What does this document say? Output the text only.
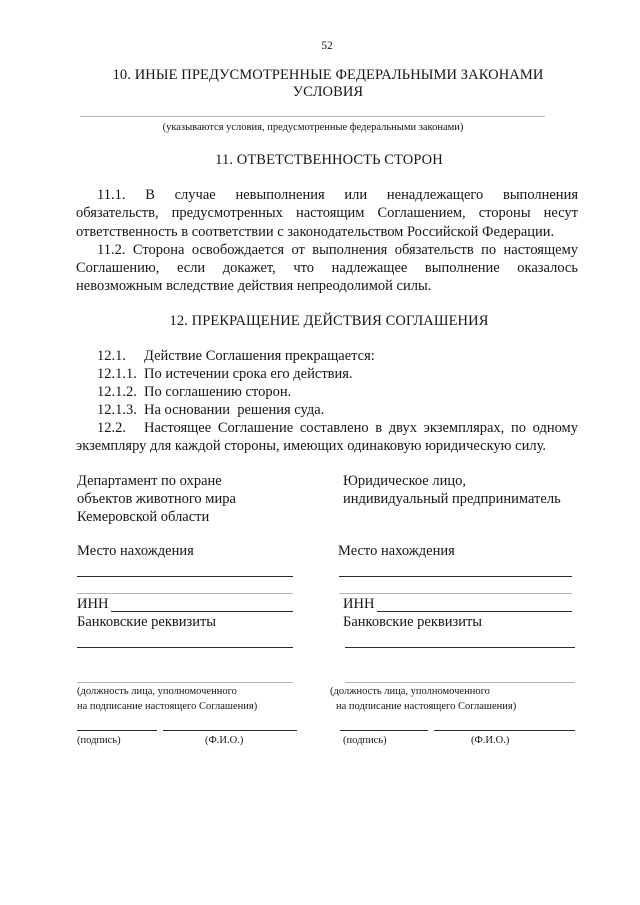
52
10. ИНЫЕ ПРЕДУСМОТРЕННЫЕ ФЕДЕРАЛЬНЫМИ ЗАКОНАМИ
УСЛОВИЯ
(указываются условия, предусмотренные федеральными законами)
11. ОТВЕТСТВЕННОСТЬ СТОРОН
11.1. В случае невыполнения или ненадлежащего выполнения
обязательств, предусмотренных настоящим Соглашением, стороны несут
ответственность в соответствии с законодательством Российской Федерации.
11.2. Сторона освобождается от выполнения обязательств по настоящему
Соглашению, если докажет, что надлежащее выполнение оказалось
невозможным вследствие действия непреодолимой силы.
12. ПРЕКРАЩЕНИЕ ДЕЙСТВИЯ СОГЛАШЕНИЯ
12.1. Действие Соглашения прекращается:
12.1.1. По истечении срока его действия.
12.1.2. По соглашению сторон.
12.1.3. На основании  решения суда.
12.2. Настоящее Соглашение составлено в двух экземплярах, по одному
экземпляру для каждой стороны, имеющих одинаковую юридическую силу.
Департамент по охране
объектов животного мира
Кемеровской области
Место нахождения
ИНН
Банковские реквизиты
(должность лица, уполномоченного
на подписание настоящего Соглашения)
(подпись)	(Ф.И.О.)
Юридическое лицо,
индивидуальный предприниматель
Место нахождения
ИНН
Банковские реквизиты
(должность лица, уполномоченного
на подписание настоящего Соглашения)
(подпись)	(Ф.И.О.)
